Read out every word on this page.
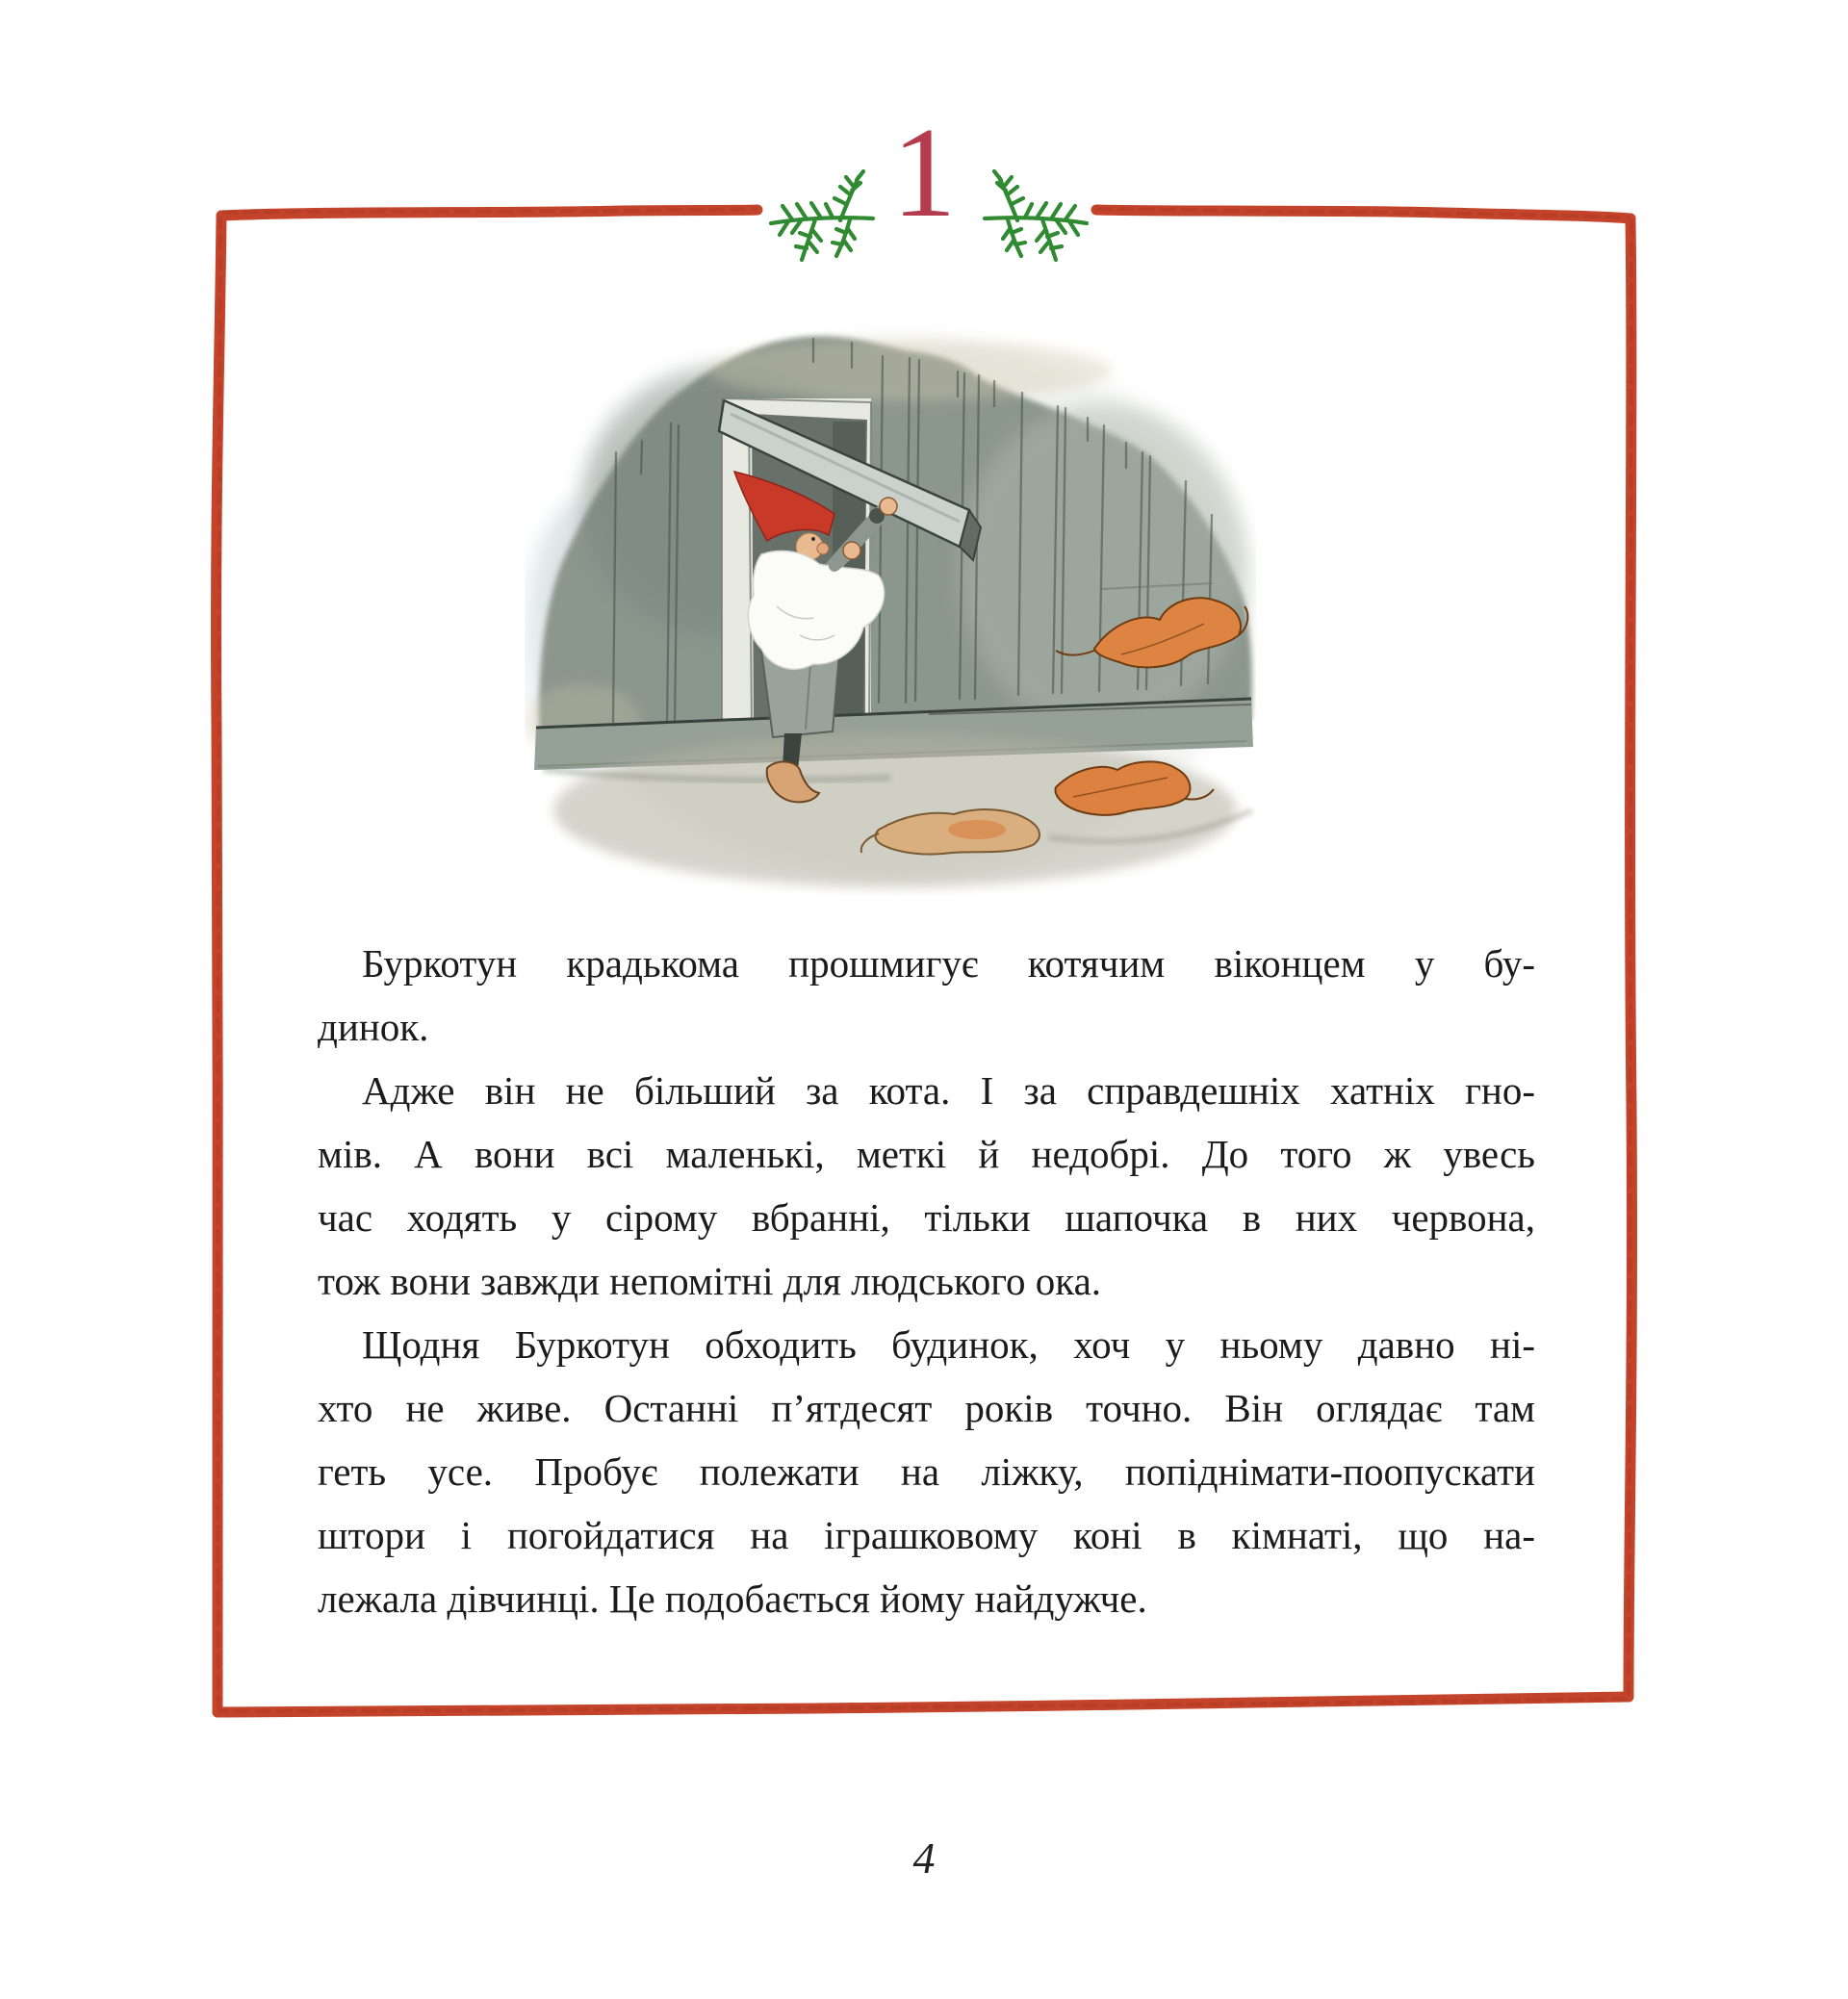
1
Буркотун крадькома прошмигує котячим віконцем у бу-
динок.
Адже він не більший за кота. І за справдешніх хатніх гно-
мів. А вони всі маленькі, меткі й недобрі. До того ж увесь
час ходять у сірому вбранні, тільки шапочка в них червона,
тож вони завжди непомітні для людського ока.
Щодня Буркотун обходить будинок, хоч у ньому давно ні-
хто не живе. Останні п’ятдесят років точно. Він оглядає там
геть усе. Пробує полежати на ліжку, попіднімати-поопускати
штори і погойдатися на іграшковому коні в кімнаті, що на-
лежала дівчинці. Це подобається йому найдужче.
4
